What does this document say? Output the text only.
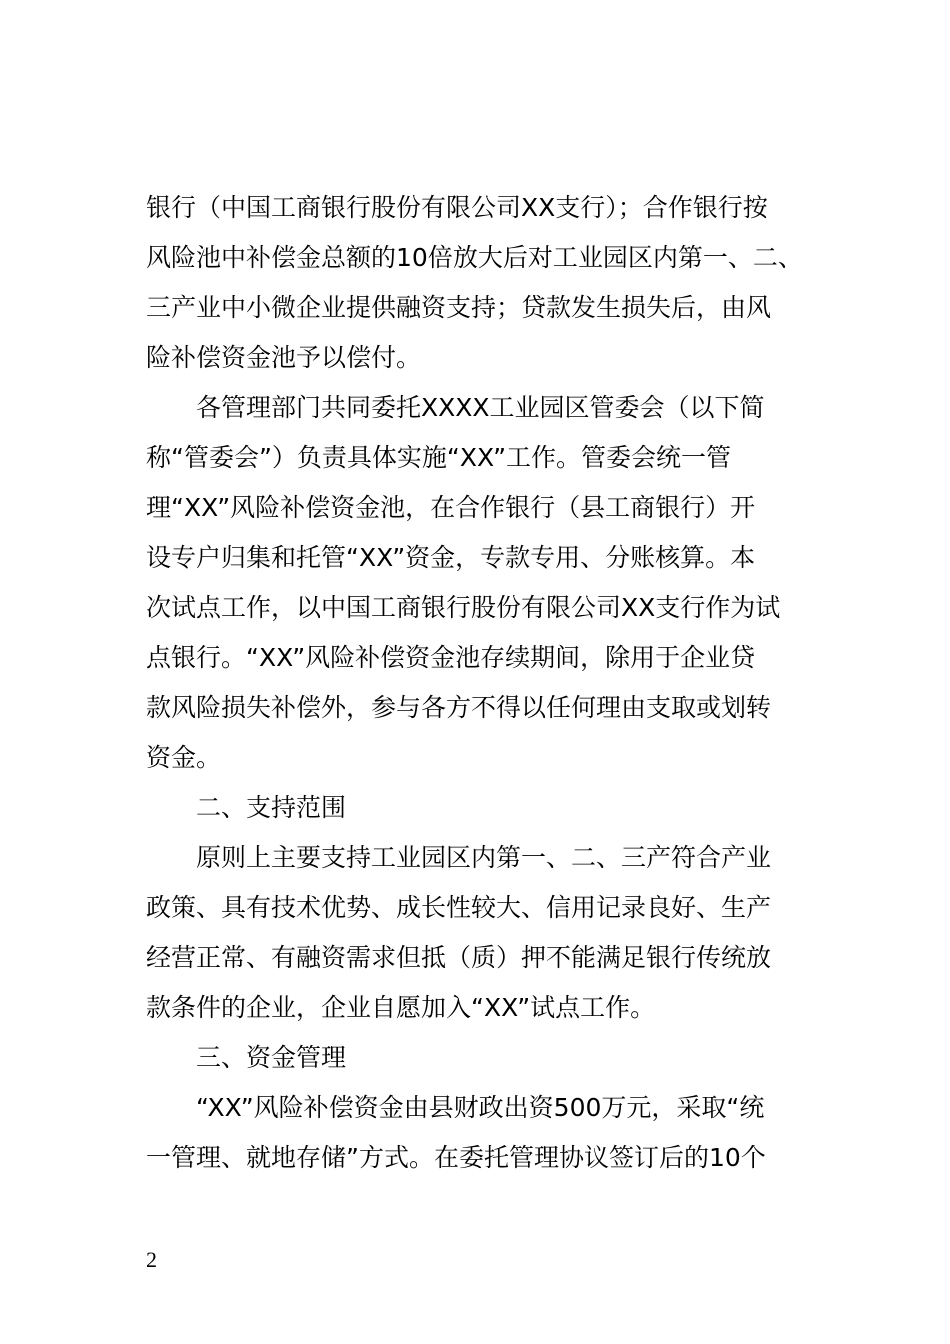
银行（中国工商银行股份有限公司XX支行）；合作银行按
风险池中补偿金总额的10倍放大后对工业园区内第一、二、
三产业中小微企业提供融资支持；贷款发生损失后，由风
险补偿资金池予以偿付。
各管理部门共同委托XXXX工业园区管委会（以下简
称“管委会”）负责具体实施“XX”工作。管委会统一管
理“XX”风险补偿资金池，在合作银行（县工商银行）开
设专户归集和托管“XX”资金，专款专用、分账核算。本
次试点工作，以中国工商银行股份有限公司XX支行作为试
点银行。“XX”风险补偿资金池存续期间，除用于企业贷
款风险损失补偿外，参与各方不得以任何理由支取或划转
资金。
二、支持范围
原则上主要支持工业园区内第一、二、三产符合产业
政策、具有技术优势、成长性较大、信用记录良好、生产
经营正常、有融资需求但抵（质）押不能满足银行传统放
款条件的企业，企业自愿加入“XX”试点工作。
三、资金管理
“XX”风险补偿资金由县财政出资500万元，采取“统
一管理、就地存储”方式。在委托管理协议签订后的10个
2
